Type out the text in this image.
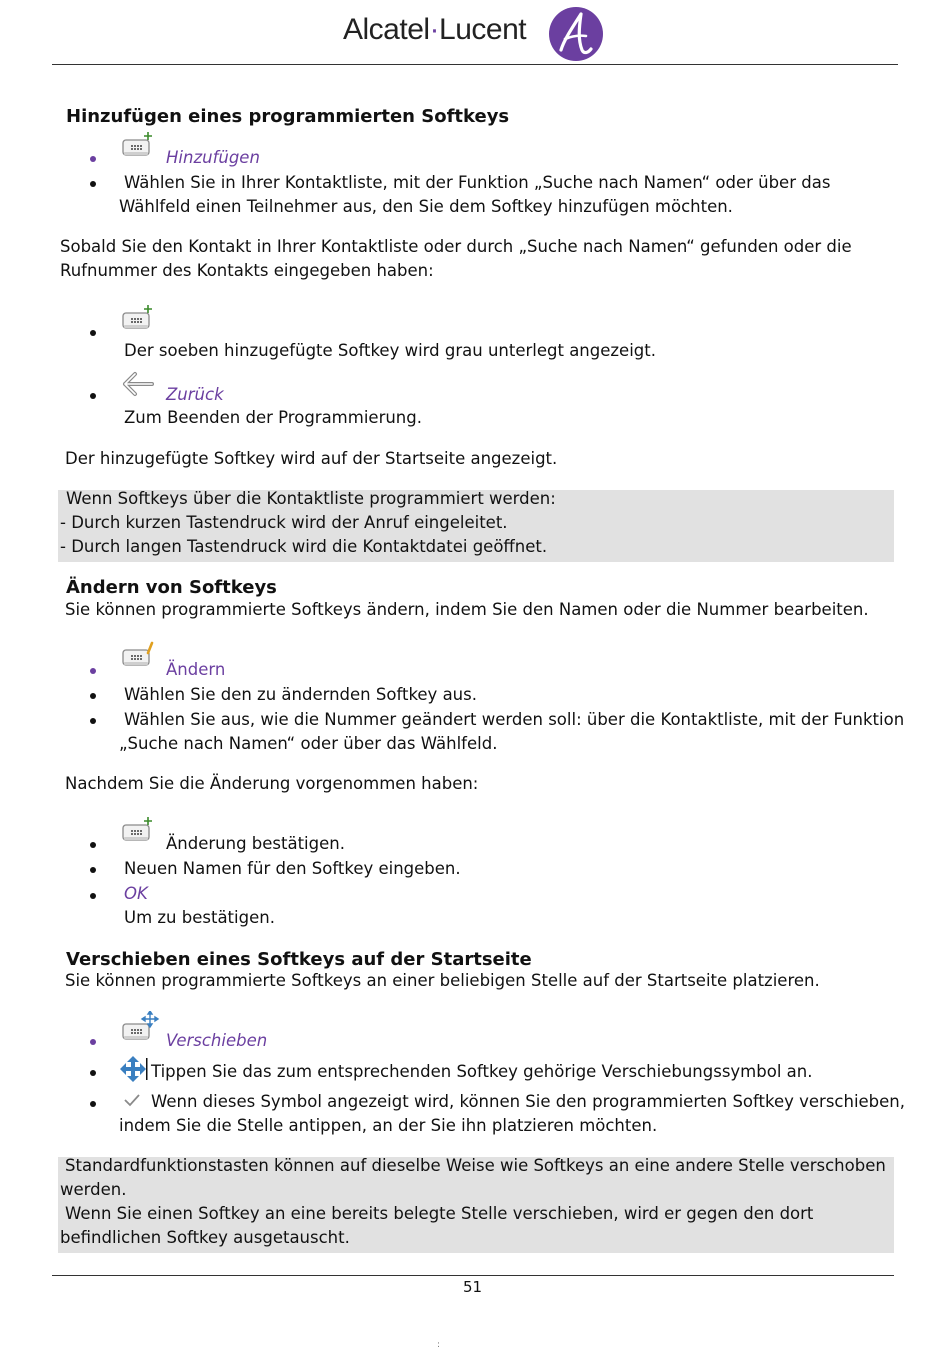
Alcatel·Lucent
Hinzufügen eines programmierten Softkeys
Hinzufügen
Wählen Sie in Ihrer Kontaktliste, mit der Funktion „Suche nach Namen“ oder über das
Wählfeld einen Teilnehmer aus, den Sie dem Softkey hinzufügen möchten.
Sobald Sie den Kontakt in Ihrer Kontaktliste oder durch „Suche nach Namen“ gefunden oder die
Rufnummer des Kontakts eingegeben haben:
Der soeben hinzugefügte Softkey wird grau unterlegt angezeigt.
Zurück
Zum Beenden der Programmierung.
Der hinzugefügte Softkey wird auf der Startseite angezeigt.
Wenn Softkeys über die Kontaktliste programmiert werden:
- Durch kurzen Tastendruck wird der Anruf eingeleitet.
- Durch langen Tastendruck wird die Kontaktdatei geöffnet.
Ändern von Softkeys
Sie können programmierte Softkeys ändern, indem Sie den Namen oder die Nummer bearbeiten.
Ändern
Wählen Sie den zu ändernden Softkey aus.
Wählen Sie aus, wie die Nummer geändert werden soll: über die Kontaktliste, mit der Funktion
„Suche nach Namen“ oder über das Wählfeld.
Nachdem Sie die Änderung vorgenommen haben:
Änderung bestätigen.
Neuen Namen für den Softkey eingeben.
OK
Um zu bestätigen.
Verschieben eines Softkeys auf der Startseite
Sie können programmierte Softkeys an einer beliebigen Stelle auf der Startseite platzieren.
Verschieben
Tippen Sie das zum entsprechenden Softkey gehörige Verschiebungssymbol an.
Wenn dieses Symbol angezeigt wird, können Sie den programmierten Softkey verschieben,
indem Sie die Stelle antippen, an der Sie ihn platzieren möchten.
Standardfunktionstasten können auf dieselbe Weise wie Softkeys an eine andere Stelle verschoben
werden.
Wenn Sie einen Softkey an eine bereits belegte Stelle verschieben, wird er gegen den dort
befindlichen Softkey ausgetauscht.
51
:
